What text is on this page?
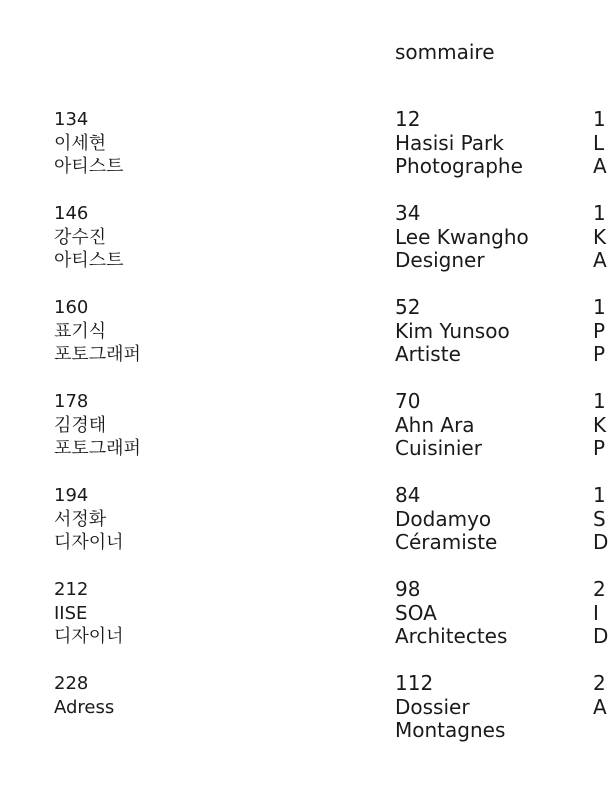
sommaire
134
이세현
아티스트
146
강수진
아티스트
160
표기식
포토그래퍼
178
김경태
포토그래퍼
194
서정화
디자이너
212
IISE
디자이너
228
Adress
12
Hasisi Park
Photographe
34
Lee Kwangho
Designer
52
Kim Yunsoo
Artiste
70
Ahn Ara
Cuisinier
84
Dodamyo
Céramiste
98
SOA
Architectes
112
Dossier
Montagnes
1
L
A
1
K
A
1
P
P
1
K
P
1
S
D
2
I
D
2
A
